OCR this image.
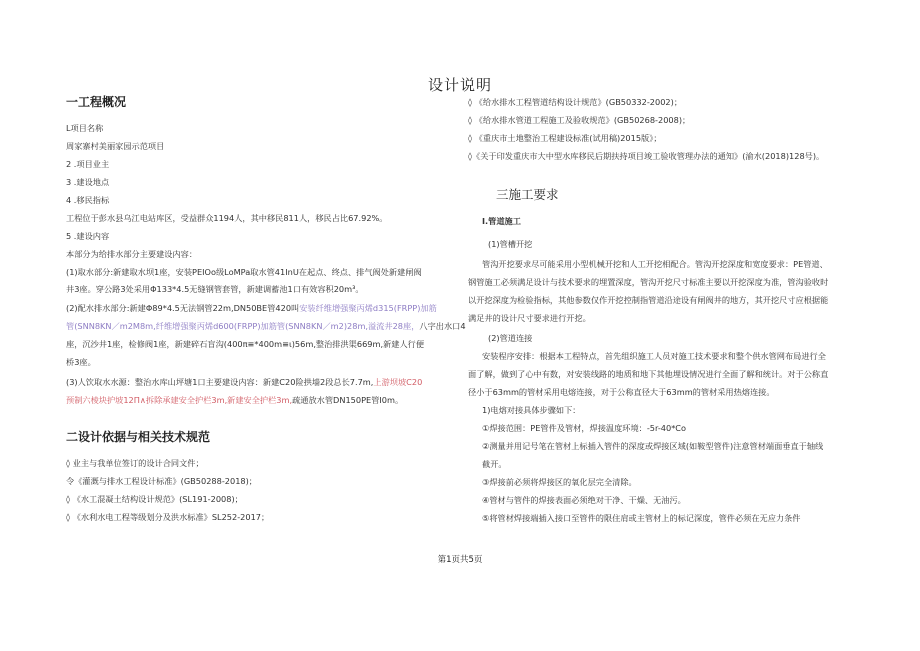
设计说明
一工程概况
L项目名称
周家寨村美丽家园示范项目
2 .项目业主
3 .建设地点
4 .移民指标
工程位于彭水县乌江电站库区，受益群众1194人，其中移民811人，移民占比67.92%。
5 .建设内容
本部分为给排水部分主要建设内容：
(1)取水部分:新建取水坝1座，安装PEIOo级LoMPa取水管41InU在起点、终点、排气阀处新建闸阀
井3座。穿公路3处采用Φ133*4.5无缝钢管套管，新建调蓄池1口有效容积20m³。
(2)配水排水部分:新建Φ89*4.5无法钢管22m,DN50BE管420叫安装纤维增强聚丙烯d315(FRPP)加筋
管(SNN8KN／m2M8m,纤维增强聚丙烯d600(FRPP)加筋管(SNN8KN／m2)28m,溢流井28座，八字出水口4
座，沉沙井1座，检修阀1座，新建碎石盲沟(400π≡*400m≡ι)56m,整治排洪渠669m,新建人行便
桥3座。
(3)人饮取水水源：整治水库山坪塘1口主要建设内容：新建C20险拱墙2段总长7.7m,上游坝坡C20
预制六棱块护坡12Π∧拆除承建安全护栏3m,新建安全护栏3m,疏通放水管DN150PE管I0m。
二设计依据与相关技术规范
◊ 业主与我单位签订的设计合同文件；
令《灌溉与排水工程设计标准》(GB50288-2018)；
◊ 《水工混凝土结构设计规范》(SL191-2008)；
◊ 《水利水电工程等级划分及洪水标准》SL252-2017；
◊ 《给水排水工程管道结构设计规范》(GB50332-2002)；
◊ 《给水排水管道工程施工及验收规范》(GB50268-2008)；
◊ 《重庆市土地整治工程建设标准(试用稿)2015版》；
◊《关于印发重庆市大中型水库移民后期扶持项目竣工验收管理办法的通知》(渝水(2018)128号)。
三施工要求
I.管道施工
(1)管槽开挖
管沟开挖要求尽可能采用小型机械开挖和人工开挖相配合。管沟开挖深度和宽度要求：PE管道、
钢管施工必须满足设计与技术要求的埋置深度，管沟开挖尺寸标准主要以开挖深度为准，管沟验收时
以开挖深度为检验指标，其他参数仅作开挖控制指管道沿途设有闸阀井的地方，其开挖尺寸应根据能
满足井的设计尺寸要求进行开挖。
(2)管道连接
安装程序安排：根据本工程特点，首先组织施工人员对施工技术要求和整个供水管网布局进行全
面了解，做到了心中有数，对安装线路的地质和地下其他埋设情况进行全面了解和统计。对于公称直
径小于63mm的管材采用电熔连接，对于公称直径大于63mm的管材采用热熔连接。
1)电熔对接具体步骤如下：
①焊接范围：PE管件及管材，焊接温度环境：-5r-40*Co
②测量并用记号笔在管材上标插入管件的深度或焊接区域(如鞍型管件)注意管材端面垂直于轴线
截开。
③焊接前必须将焊接区的氧化层完全清除。
④管材与管件的焊接表面必须绝对干净、干燥、无油污。
⑤将管材焊接端插入接口至管件的限住肩或主管材上的标记深度，管件必须在无应力条件
第1页共5页
